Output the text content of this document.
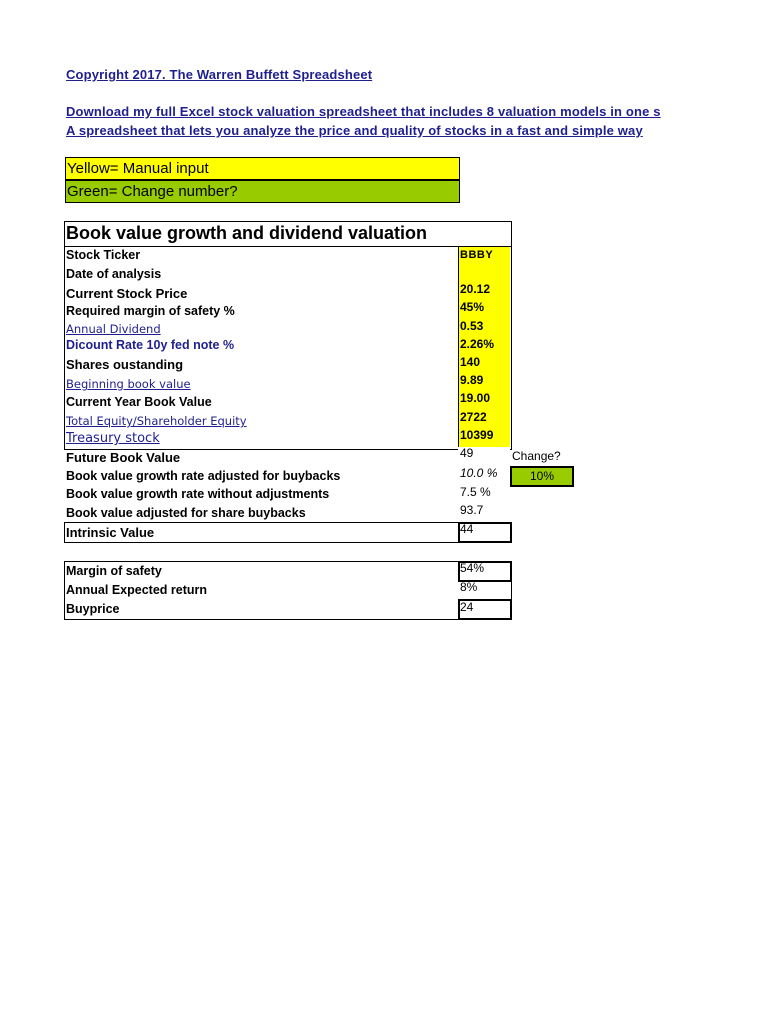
Copyright 2017. The Warren Buffett Spreadsheet
Download my full Excel stock valuation spreadsheet that includes 8 valuation models in one s
A spreadsheet that lets you analyze the price and quality of stocks in a fast and simple way
Yellow= Manual input
Green= Change number?
Book value growth and dividend valuation
Stock Ticker
Date of analysis
Current Stock Price
Required margin of safety %
Annual Dividend
Dicount Rate 10y fed note %
Shares oustanding
Beginning book value
Current Year Book Value
Total Equity/Shareholder Equity
Treasury stock
Future Book Value
Book value growth rate adjusted for buybacks
Book value growth rate without adjustments
Book value adjusted for share buybacks
BBBY
20.12
45%
0.53
2.26%
140
9.89
19.00
2722
10399
49
10.0 %
7.5 %
93.7
Change?
10%
Intrinsic Value	44
Margin of safety
Annual Expected return
Buyprice
54%
8%
24
